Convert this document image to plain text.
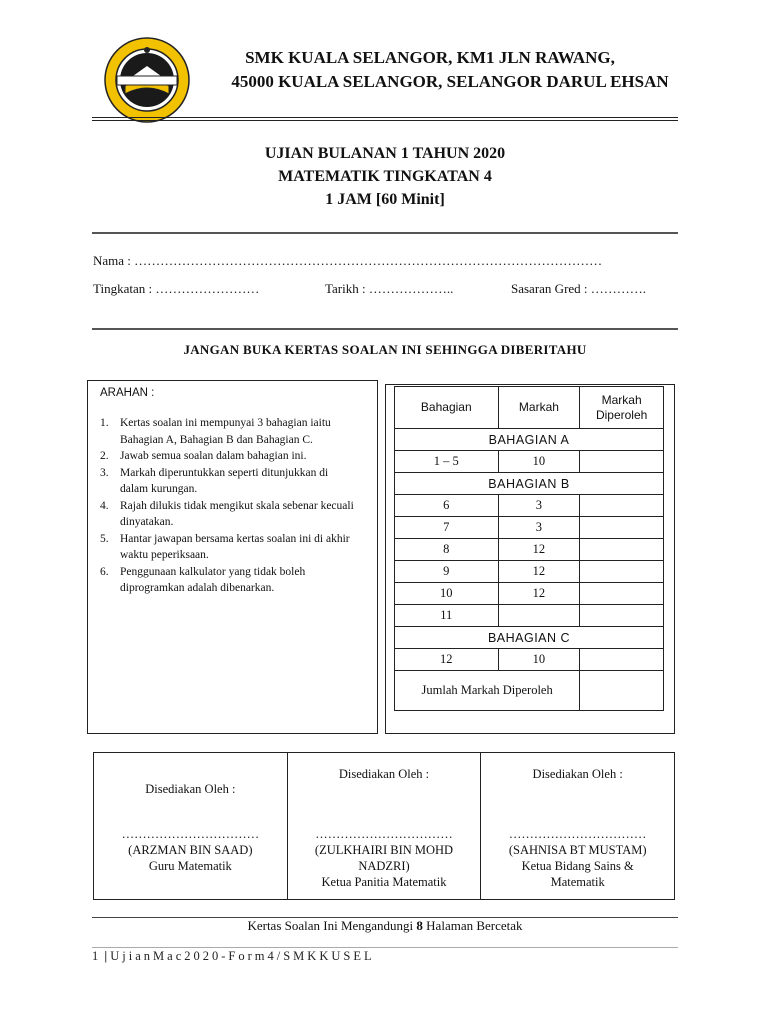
SMK KUALA SELANGOR, KM1 JLN RAWANG,
45000 KUALA SELANGOR, SELANGOR DARUL EHSAN
UJIAN BULANAN 1 TAHUN 2020
MATEMATIK TINGKATAN 4
1 JAM [60 Minit]
Nama : ………………………………………………………………………………………………
Tingkatan : ……………………	Tarikh : ………………..	Sasaran Gred : ………….
JANGAN BUKA KERTAS SOALAN INI SEHINGGA DIBERITAHU
ARAHAN :
1. Kertas soalan ini mempunyai 3 bahagian iaitu Bahagian A, Bahagian B dan Bahagian C.
2. Jawab semua soalan dalam bahagian ini.
3. Markah diperuntukkan seperti ditunjukkan di dalam kurungan.
4. Rajah dilukis tidak mengikut skala sebenar kecuali dinyatakan.
5. Hantar jawapan bersama kertas soalan ini di akhir waktu peperiksaan.
6. Penggunaan kalkulator yang tidak boleh diprogramkan adalah dibenarkan.
Bahagian	Markah	Markah Diperoleh
BAHAGIAN A		
1 – 5	10	
BAHAGIAN B		
6	3	
7	3	
8	12	
9	12	
10	12	
11		
BAHAGIAN C		
12	10	
Jumlah Markah Diperoleh		
Disediakan Oleh :
……………………………
(ARZMAN BIN SAAD)
Guru Matematik
Disediakan Oleh :
……………………………
(ZULKHAIRI BIN MOHD NADZRI)
Ketua Panitia Matematik
Disediakan Oleh :
……………………………
(SAHNISA BT MUSTAM)
Ketua Bidang Sains & Matematik
Kertas Soalan Ini Mengandungi 8 Halaman Bercetak
1 | UjianMac2020-Form4/SMKKUSEL
